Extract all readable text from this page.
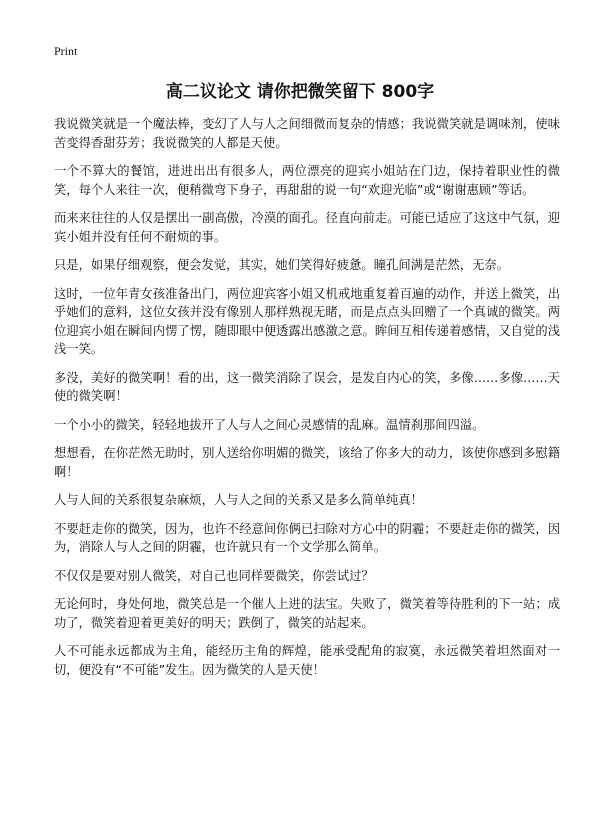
Print
高二议论文 请你把微笑留下 800字

我说微笑就是一个魔法棒，变幻了人与人之间细微而复杂的情感；我说微笑就是调味剂，使味苦变得香甜芬芳；我说微笑的人都是天使。

一个不算大的餐馆，进进出出有很多人，两位漂亮的迎宾小姐站在门边，保持着职业性的微笑，每个人来往一次，便稍微弯下身子，再甜甜的说一句“欢迎光临”或“谢谢惠顾”等话。

而来来往往的人仅是摆出一副高傲，冷漠的面孔。径直向前走。可能已适应了这这中气氛，迎宾小姐并没有任何不耐烦的事。

只是，如果仔细观察，便会发觉，其实，她们笑得好疲惫。瞳孔间满是茫然，无奈。

这时，一位年青女孩准备出门，两位迎宾客小姐又机戒地重复着百遍的动作，并送上微笑，出乎她们的意料，这位女孩并没有像别人那样熟视无睹，而是点点头回赠了一个真诚的微笑。两位迎宾小姐在瞬间内愣了愣，随即眼中便透露出感激之意。眸间互相传递着感情，又自觉的浅浅一笑。

多没，美好的微笑啊！看的出，这一微笑消除了误会，是发自内心的笑，多像……多像……天使的微笑啊！

一个小小的微笑，轻轻地拔开了人与人之间心灵感情的乱麻。温情刹那间四溢。

想想看，在你茫然无助时，别人送给你明媚的微笑，该给了你多大的动力，该使你感到多慰籍啊！

人与人间的关系很复杂麻烦，人与人之间的关系又是多么简单纯真！

不要赶走你的微笑，因为，也许不经意间你俩已扫除对方心中的阴霾；不要赶走你的微笑，因为，消除人与人之间的阴霾，也许就只有一个文学那么简单。

不仅仅是要对别人微笑，对自己也同样要微笑，你尝试过？

无论何时，身处何地，微笑总是一个催人上进的法宝。失败了，微笑着等待胜利的下一站；成功了，微笑着迎着更美好的明天；跌倒了，微笑的站起来。

人不可能永远都成为主角，能经历主角的辉煌，能承受配角的寂寞，永远微笑着坦然面对一切，便没有“不可能”发生。因为微笑的人是天使！
